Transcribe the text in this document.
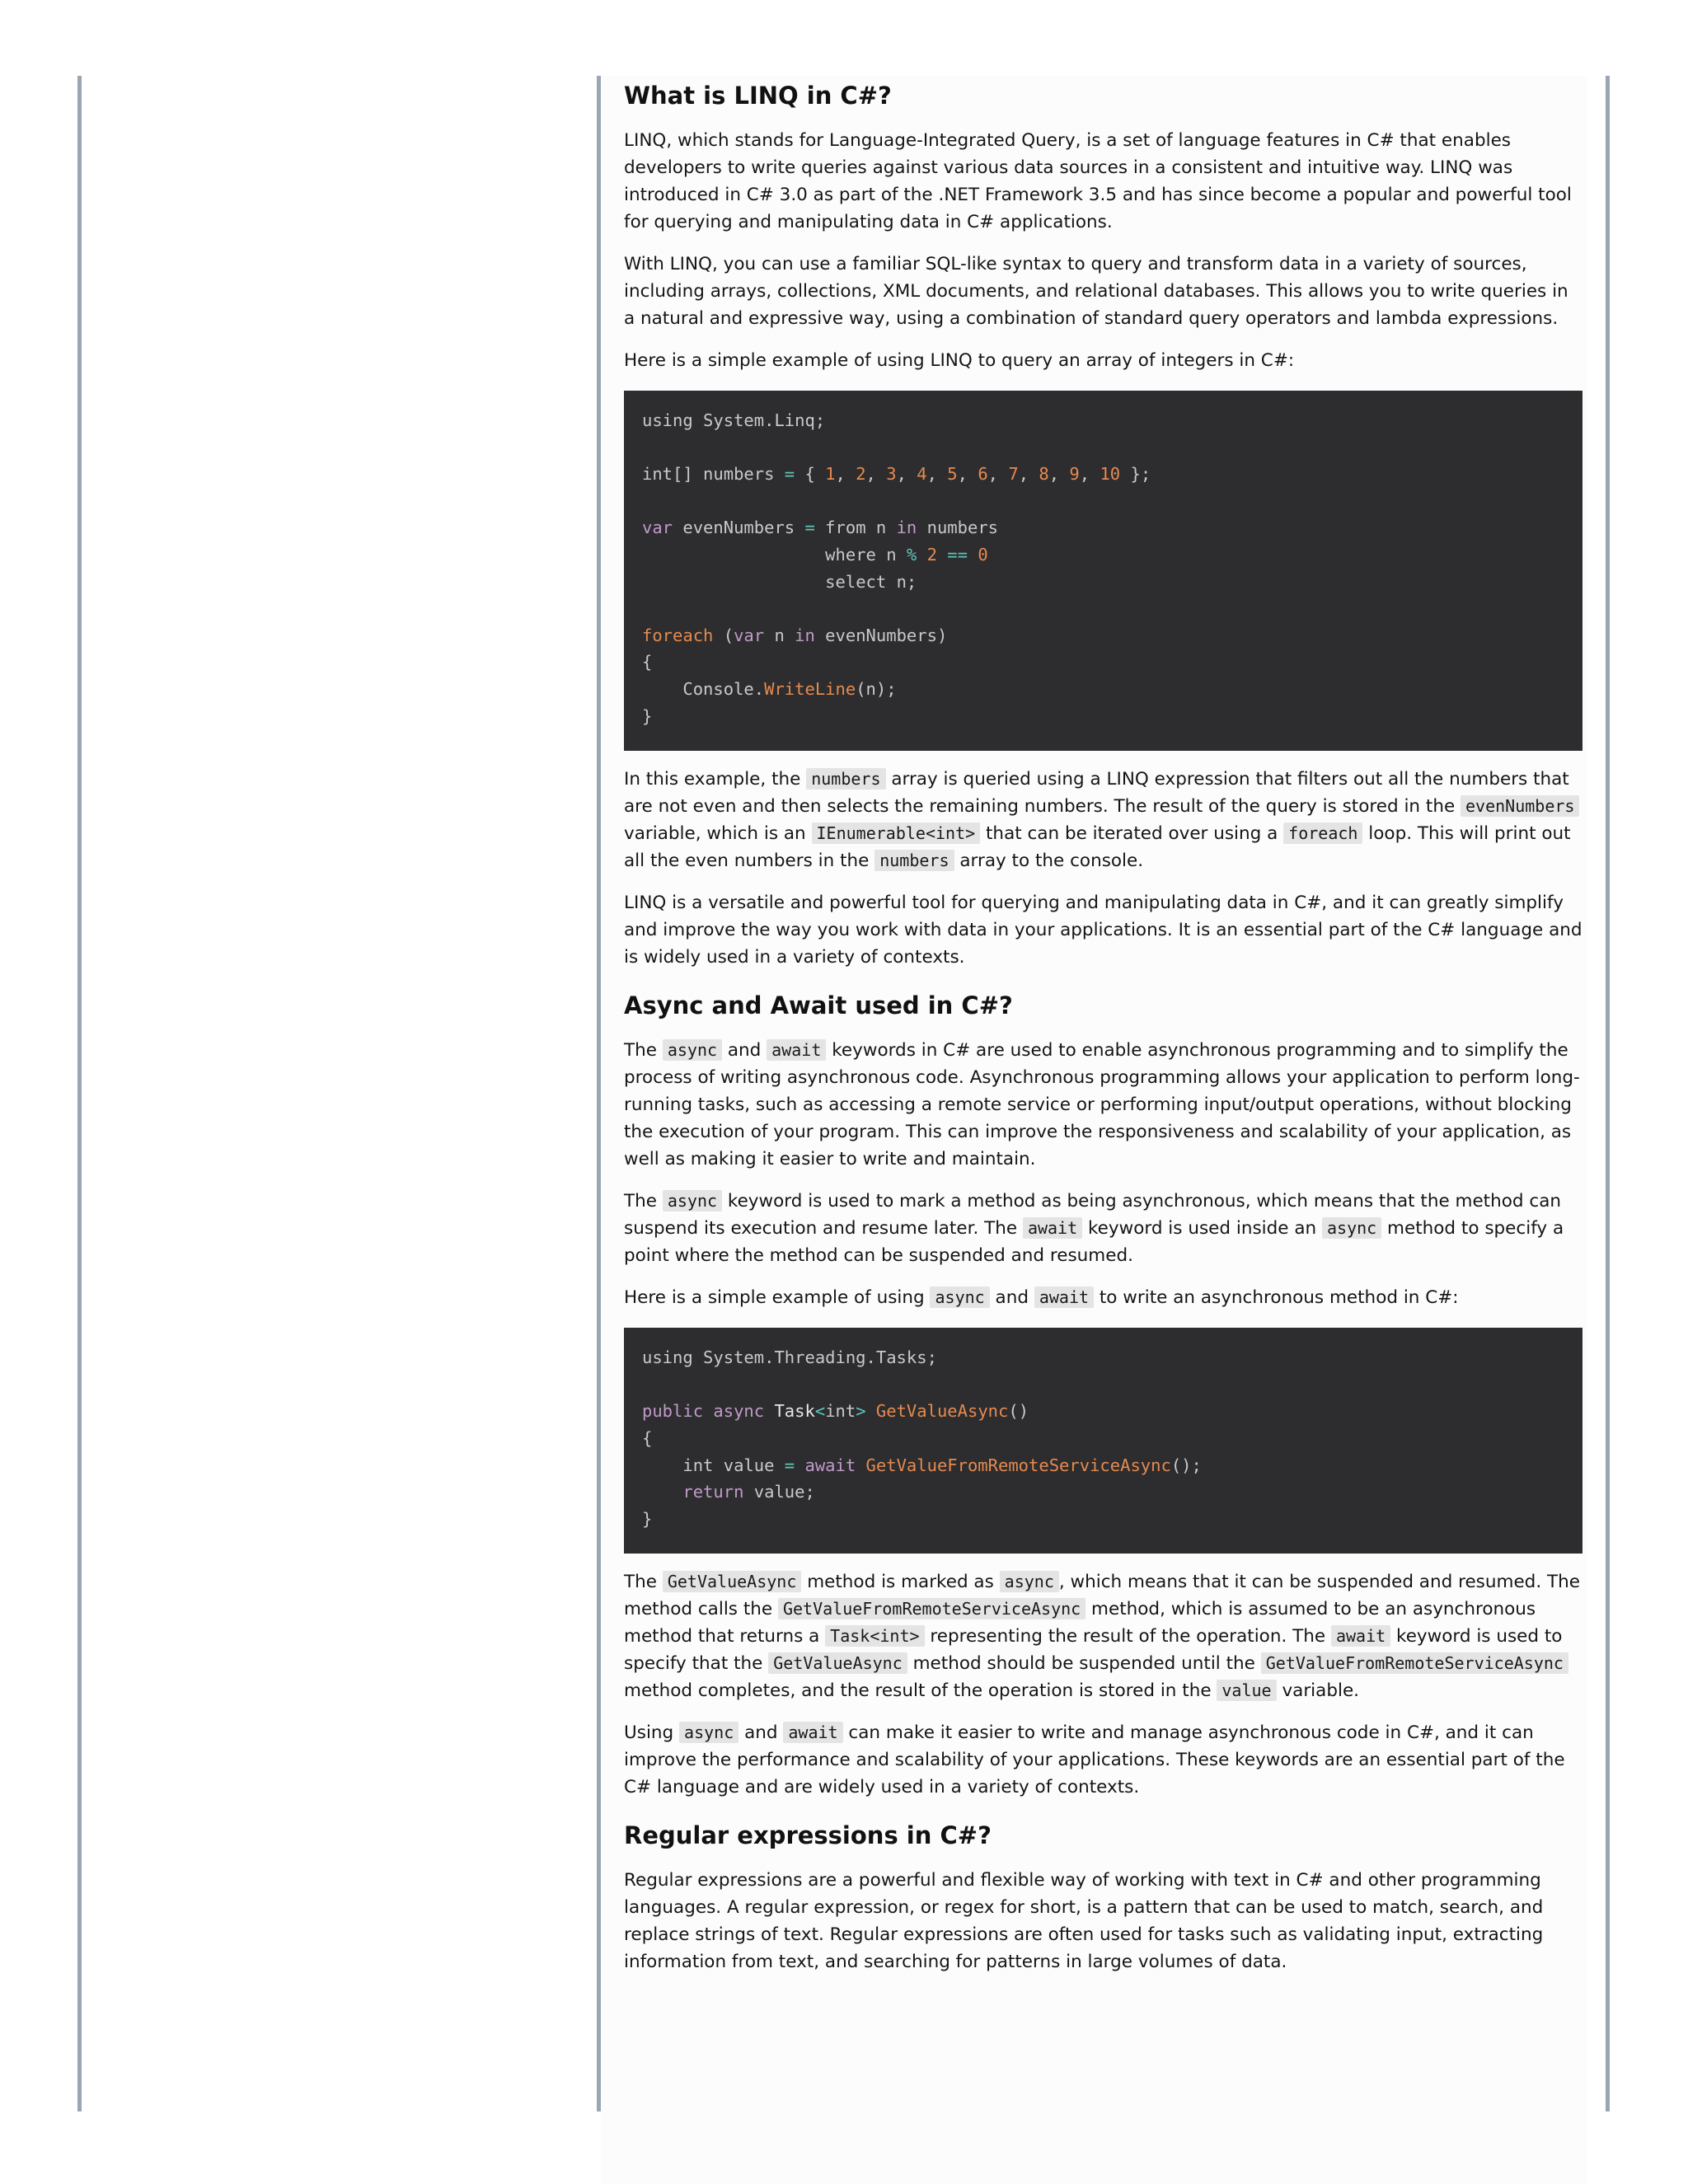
What is LINQ in C#?

LINQ, which stands for Language-Integrated Query, is a set of language features in C# that enables developers to write queries against various data sources in a consistent and intuitive way. LINQ was introduced in C# 3.0 as part of the .NET Framework 3.5 and has since become a popular and powerful tool for querying and manipulating data in C# applications.

With LINQ, you can use a familiar SQL-like syntax to query and transform data in a variety of sources, including arrays, collections, XML documents, and relational databases. This allows you to write queries in a natural and expressive way, using a combination of standard query operators and lambda expressions.

Here is a simple example of using LINQ to query an array of integers in C#:

using System.Linq;

int[] numbers = { 1, 2, 3, 4, 5, 6, 7, 8, 9, 10 };

var evenNumbers = from n in numbers
where n % 2 == 0
select n;

foreach (var n in evenNumbers)
{
Console.WriteLine(n);
}

In this example, the numbers array is queried using a LINQ expression that filters out all the numbers that are not even and then selects the remaining numbers. The result of the query is stored in the evenNumbers variable, which is an IEnumerable<int> that can be iterated over using a foreach loop. This will print out all the even numbers in the numbers array to the console.

LINQ is a versatile and powerful tool for querying and manipulating data in C#, and it can greatly simplify and improve the way you work with data in your applications. It is an essential part of the C# language and is widely used in a variety of contexts.

Async and Await used in C#?

The async and await keywords in C# are used to enable asynchronous programming and to simplify the process of writing asynchronous code. Asynchronous programming allows your application to perform long-running tasks, such as accessing a remote service or performing input/output operations, without blocking the execution of your program. This can improve the responsiveness and scalability of your application, as well as making it easier to write and maintain.

The async keyword is used to mark a method as being asynchronous, which means that the method can suspend its execution and resume later. The await keyword is used inside an async method to specify a point where the method can be suspended and resumed.

Here is a simple example of using async and await to write an asynchronous method in C#:

using System.Threading.Tasks;

public async Task<int> GetValueAsync()
{
int value = await GetValueFromRemoteServiceAsync();
return value;
}

The GetValueAsync method is marked as async , which means that it can be suspended and resumed. The method calls the GetValueFromRemoteServiceAsync method, which is assumed to be an asynchronous method that returns a Task<int> representing the result of the operation. The await keyword is used to specify that the GetValueAsync method should be suspended until the GetValueFromRemoteServiceAsync method completes, and the result of the operation is stored in the value variable.

Using async and await can make it easier to write and manage asynchronous code in C#, and it can improve the performance and scalability of your applications. These keywords are an essential part of the C# language and are widely used in a variety of contexts.

Regular expressions in C#?

Regular expressions are a powerful and flexible way of working with text in C# and other programming languages. A regular expression, or regex for short, is a pattern that can be used to match, search, and replace strings of text. Regular expressions are often used for tasks such as validating input, extracting information from text, and searching for patterns in large volumes of data.
